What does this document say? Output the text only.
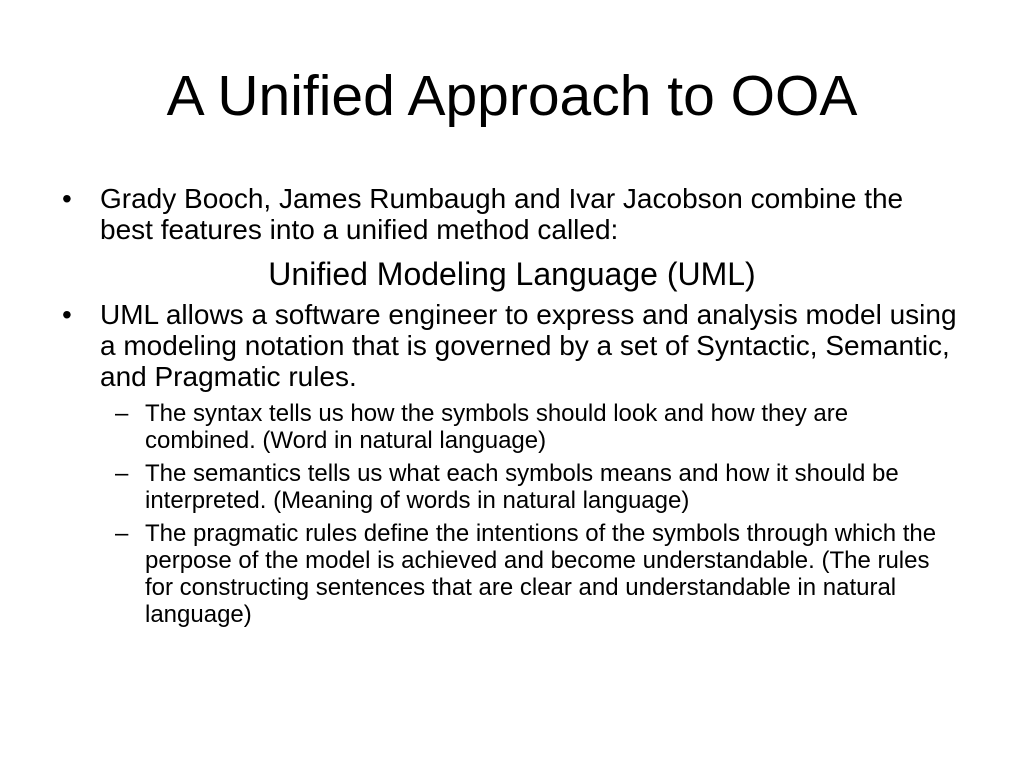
A Unified Approach to OOA
• Grady Booch, James Rumbaugh and Ivar Jacobson combine the best features into a unified method called:
Unified Modeling Language (UML)
• UML allows a software engineer to express and analysis model using a modeling notation that is governed by a set of Syntactic, Semantic, and Pragmatic rules.
– The syntax tells us how the symbols should look and how they are combined. (Word in natural language)
– The semantics tells us what each symbols means and how it should be interpreted. (Meaning of words in natural language)
– The pragmatic rules define the intentions of the symbols through which the perpose of the model is achieved and become understandable. (The rules for constructing sentences that are clear and understandable in natural language)
